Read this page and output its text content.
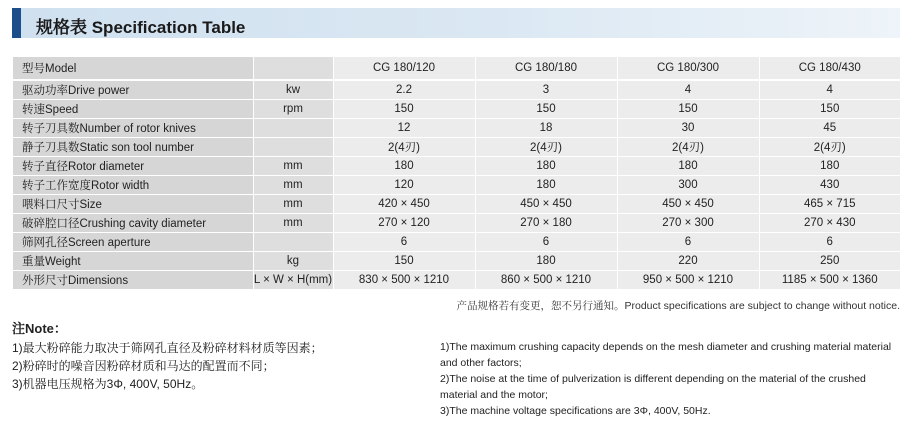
规格表 Specification Table
型号Model		CG 180/120	CG 180/180	CG 180/300	CG 180/430
驱动功率Drive power	kw	2.2	3	4	4
转速Speed	rpm	150	150	150	150
转子刀具数Number of rotor knives		12	18	30	45
静子刀具数Static son tool number		2(4刃)	2(4刃)	2(4刃)	2(4刃)
转子直径Rotor diameter	mm	180	180	180	180
转子工作宽度Rotor width	mm	120	180	300	430
喂料口尺寸Size	mm	420 × 450	450 × 450	450 × 450	465 × 715
破碎腔口径Crushing cavity diameter	mm	270 × 120	270 × 180	270 × 300	270 × 430
筛网孔径Screen aperture		6	6	6	6
重量Weight	kg	150	180	220	250
外形尺寸Dimensions	L × W × H(mm)	830 × 500 × 1210	860 × 500 × 1210	950 × 500 × 1210	1185 × 500 × 1360
产品规格若有变更，恕不另行通知。Product specifications are subject to change without notice.
注Note：
1)最大粉碎能力取决于筛网孔直径及粉碎材料材质等因素；
2)粉碎时的噪音因粉碎材质和马达的配置而不同；
3)机器电压规格为3Φ, 400V, 50Hz。
1)The maximum crushing capacity depends on the mesh diameter and crushing material material and other factors;
2)The noise at the time of pulverization is different depending on the material of the crushed material and the motor;
3)The machine voltage specifications are 3Φ, 400V, 50Hz.
